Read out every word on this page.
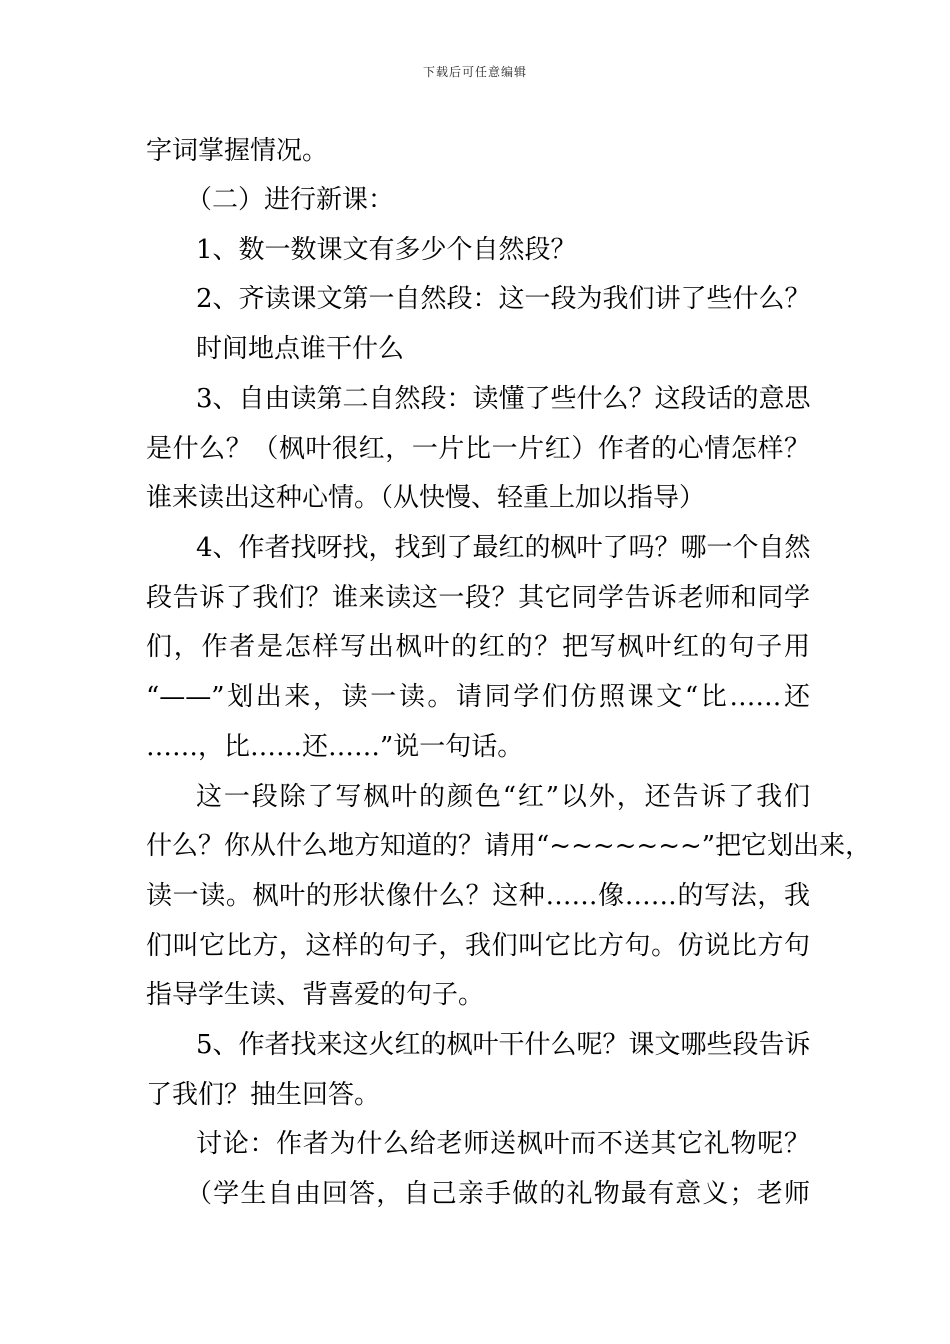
下载后可任意编辑
字词掌握情况。
（二）进行新课：
1、数一数课文有多少个自然段？
2、齐读课文第一自然段：这一段为我们讲了些什么？
时间地点谁干什么
3、自由读第二自然段：读懂了些什么？这段话的意思
是什么？（枫叶很红，一片比一片红）作者的心情怎样？
谁来读出这种心情。（从快慢、轻重上加以指导）
4、作者找呀找，找到了最红的枫叶了吗？哪一个自然
段告诉了我们？谁来读这一段？其它同学告诉老师和同学
们，作者是怎样写出枫叶的红的？把写枫叶红的句子用
“——”划出来，读一读。请同学们仿照课文“比……还
……，比……还……”说一句话。
这一段除了写枫叶的颜色“红”以外，还告诉了我们
什么？你从什么地方知道的？请用“~~~~~~~”把它划出来，
读一读。枫叶的形状像什么？这种……像……的写法，我
们叫它比方，这样的句子，我们叫它比方句。仿说比方句
指导学生读、背喜爱的句子。
5、作者找来这火红的枫叶干什么呢？课文哪些段告诉
了我们？抽生回答。
讨论：作者为什么给老师送枫叶而不送其它礼物呢？
（学生自由回答，自己亲手做的礼物最有意义；老师
